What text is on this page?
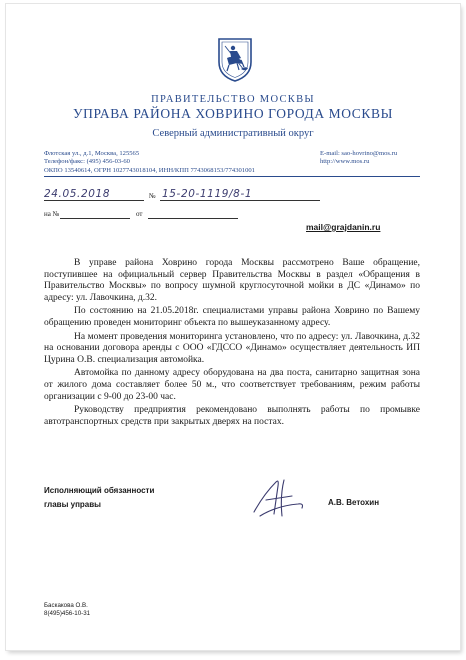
ПРАВИТЕЛЬСТВО МОСКВЫ
УПРАВА РАЙОНА ХОВРИНО ГОРОДА МОСКВЫ
Северный административный округ
Флотская ул., д.1, Москва, 125565
Телефон/факс: (495) 456-03-60
ОКПО 13540614, ОГРН 1027743018104, ИНН/КПП 7743068153/774301001
E-mail: sao-hovrino@mos.ru
http://www.mos.ru
24.05.2018	№ 15-20-1119/8-1
на №	от
mail@grajdanin.ru

В управе района Ховрино города Москвы рассмотрено Ваше обращение, поступившее на официальный сервер Правительства Москвы в раздел «Обращения в Правительство Москвы» по вопросу шумной круглосуточной мойки в ДС «Динамо» по адресу: ул. Лавочкина, д.32.

По состоянию на 21.05.2018г. специалистами управы района Ховрино по Вашему обращению проведен мониторинг объекта по вышеуказанному адресу.

На момент проведения мониторинга установлено, что по адресу: ул. Лавочкина, д.32 на основании договора аренды с ООО «ГДССО «Динамо» осуществляет деятельность ИП Цурина О.В. специализация автомойка.

Автомойка по данному адресу оборудована на два поста, санитарно защитная зона от жилого дома составляет более 50 м., что соответствует требованиям, режим работы организации с 9-00 до 23-00 час.

Руководству предприятия рекомендовано выполнять работы по промывке автотранспортных средств при закрытых дверях на постах.

Исполняющий обязанности
главы управы	А.В. Ветохин
Баскакова О.В.
8(495)456-10-31
